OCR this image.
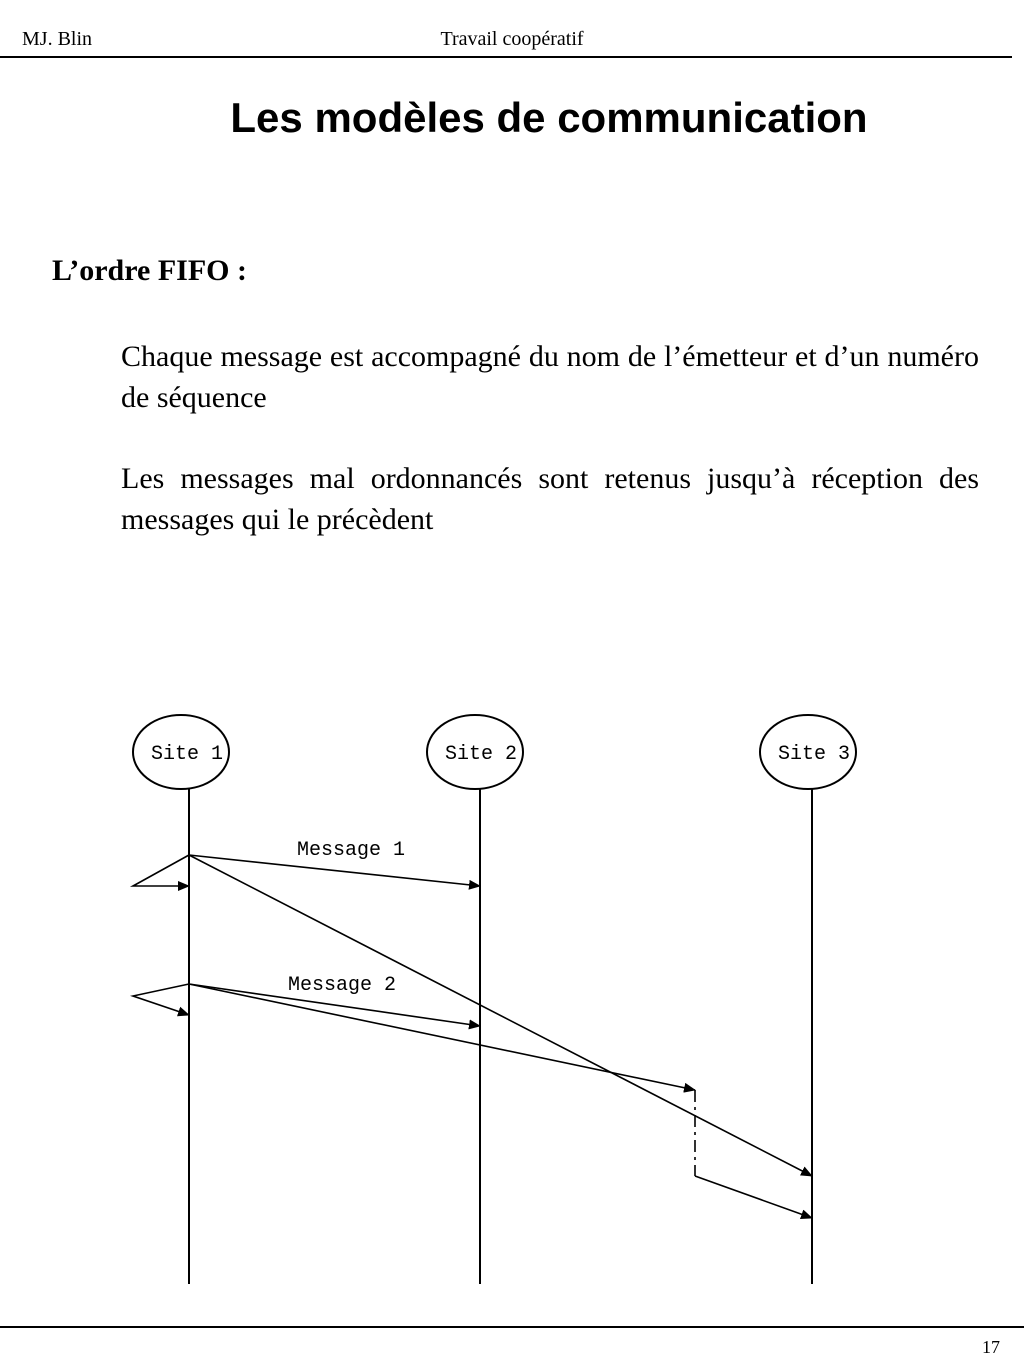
MJ. Blin	Travail coopératif
Les modèles de communication
L’ordre FIFO :
Chaque message est accompagné du nom de l’émetteur et d’un numéro de séquence
Les messages mal ordonnancés sont retenus jusqu’à réception des messages qui le précèdent
Site 1	Site 2	Site 3
Message 1
Message 2
17
